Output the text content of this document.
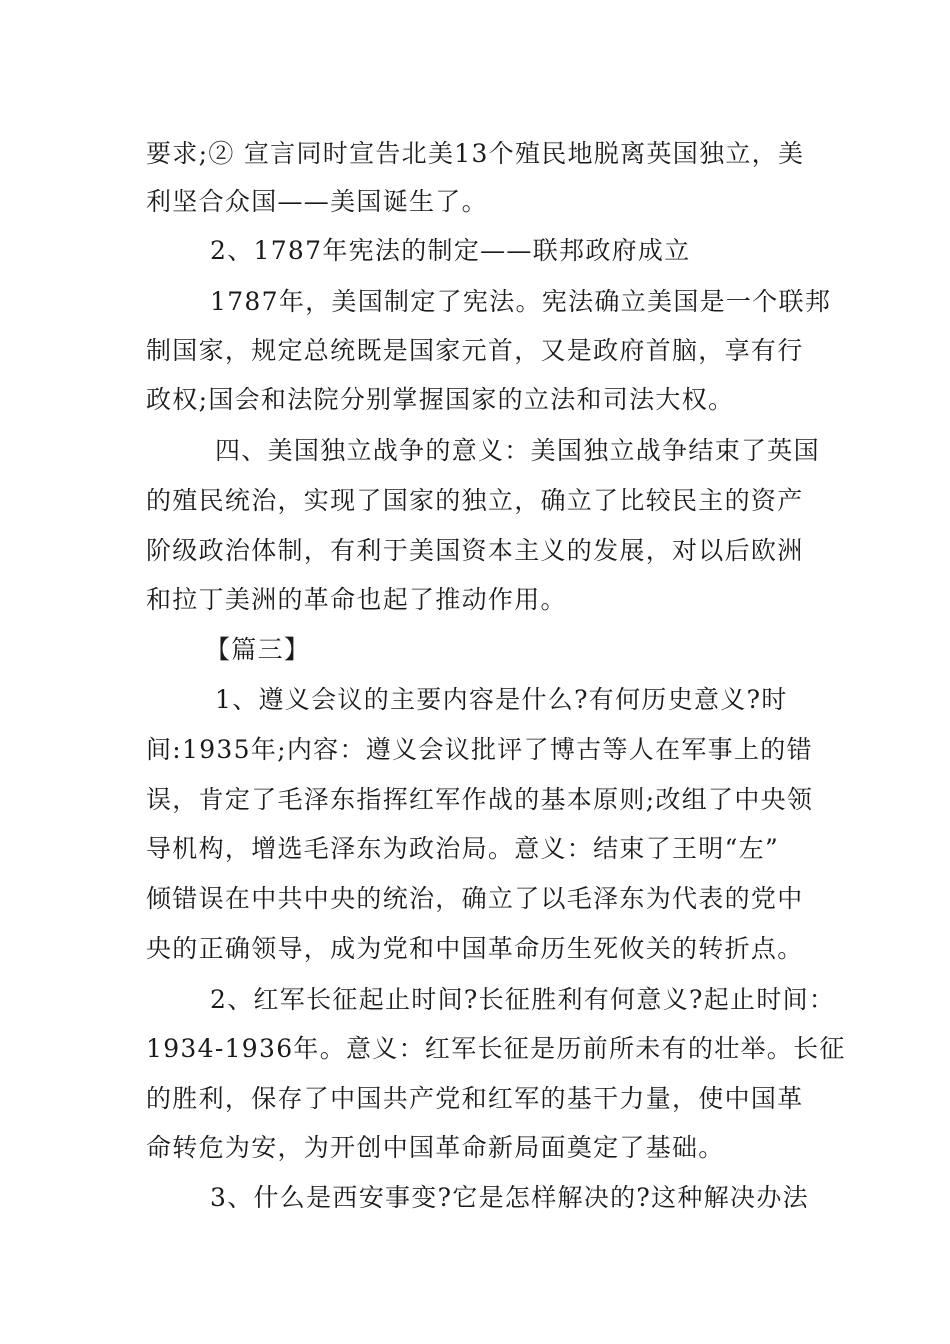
要求;② 宣言同时宣告北美13个殖民地脱离英国独立，美
利坚合众国——美国诞生了。
2、1787年宪法的制定——联邦政府成立
1787年，美国制定了宪法。宪法确立美国是一个联邦
制国家，规定总统既是国家元首，又是政府首脑，享有行
政权;国会和法院分别掌握国家的立法和司法大权。
四、美国独立战争的意义：美国独立战争结束了英国
的殖民统治，实现了国家的独立，确立了比较民主的资产
阶级政治体制，有利于美国资本主义的发展，对以后欧洲
和拉丁美洲的革命也起了推动作用。
【篇三】
1、遵义会议的主要内容是什么?有何历史意义?时
间:1935年;内容：遵义会议批评了博古等人在军事上的错
误，肯定了毛泽东指挥红军作战的基本原则;改组了中央领
导机构，增选毛泽东为政治局。意义：结束了王明“左”
倾错误在中共中央的统治，确立了以毛泽东为代表的党中
央的正确领导，成为党和中国革命历生死攸关的转折点。
2、红军长征起止时间?长征胜利有何意义?起止时间：
1934-1936年。意义：红军长征是历前所未有的壮举。长征
的胜利，保存了中国共产党和红军的基干力量，使中国革
命转危为安，为开创中国革命新局面奠定了基础。
3、什么是西安事变?它是怎样解决的?这种解决办法
